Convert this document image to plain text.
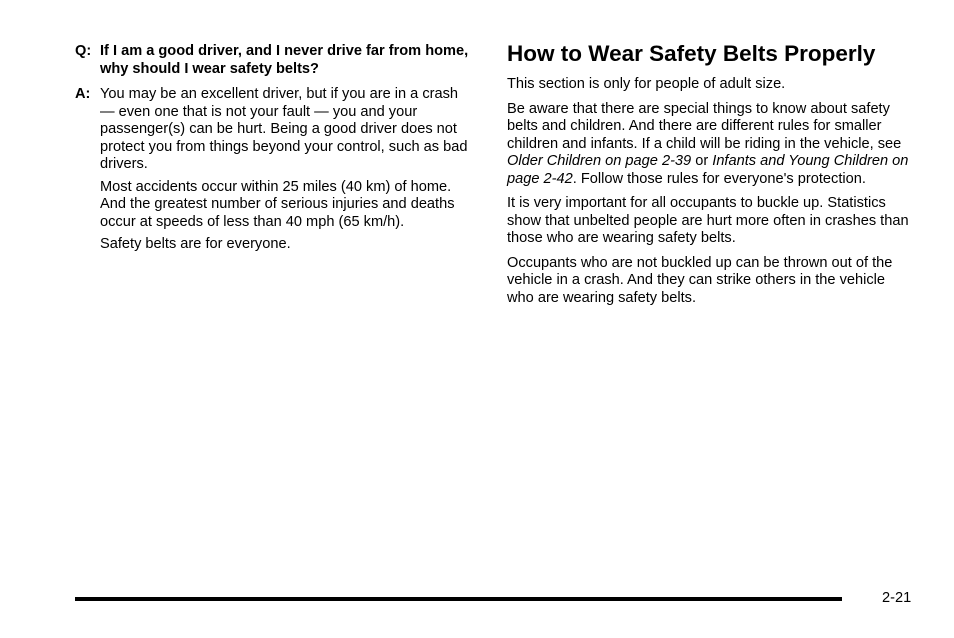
Q: If I am a good driver, and I never drive far from home, why should I wear safety belts?
A: You may be an excellent driver, but if you are in a crash — even one that is not your fault — you and your passenger(s) can be hurt. Being a good driver does not protect you from things beyond your control, such as bad drivers.

Most accidents occur within 25 miles (40 km) of home. And the greatest number of serious injuries and deaths occur at speeds of less than 40 mph (65 km/h).

Safety belts are for everyone.

How to Wear Safety Belts Properly

This section is only for people of adult size.

Be aware that there are special things to know about safety belts and children. And there are different rules for smaller children and infants. If a child will be riding in the vehicle, see Older Children on page 2-39 or Infants and Young Children on page 2-42. Follow those rules for everyone's protection.

It is very important for all occupants to buckle up. Statistics show that unbelted people are hurt more often in crashes than those who are wearing safety belts.

Occupants who are not buckled up can be thrown out of the vehicle in a crash. And they can strike others in the vehicle who are wearing safety belts.

2-21
